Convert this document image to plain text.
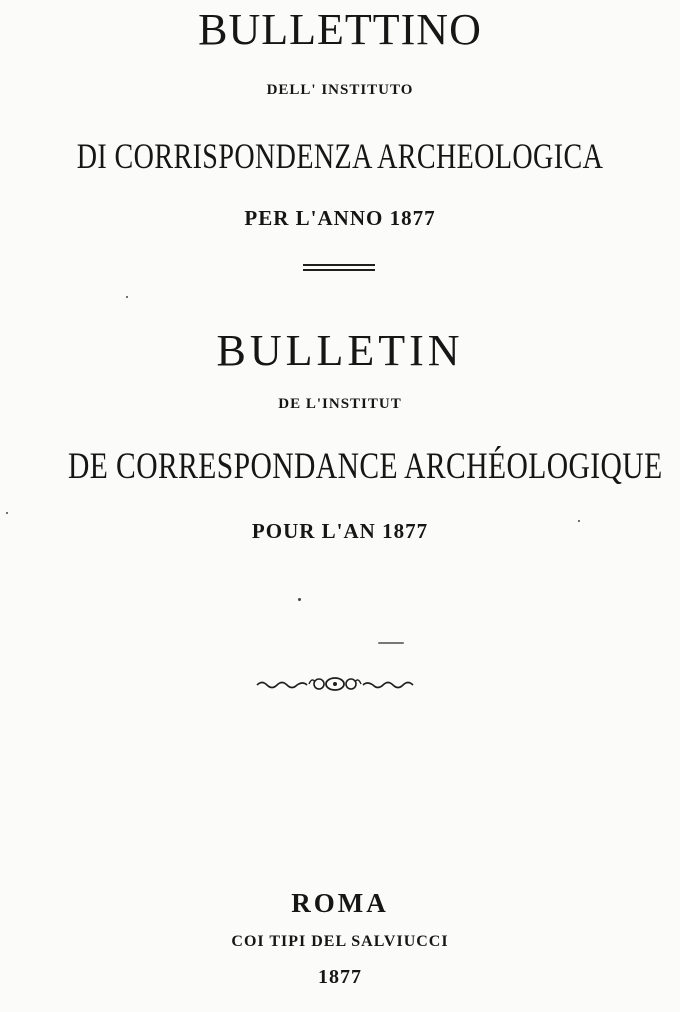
BULLETTINO
DELL' INSTITUTO
DI CORRISPONDENZA ARCHEOLOGICA
PER L'ANNO 1877
BULLETIN
DE L'INSTITUT
DE CORRESPONDANCE ARCHÉOLOGIQUE
POUR L'AN 1877
ROMA
COI TIPI DEL SALVIUCCI
1877
